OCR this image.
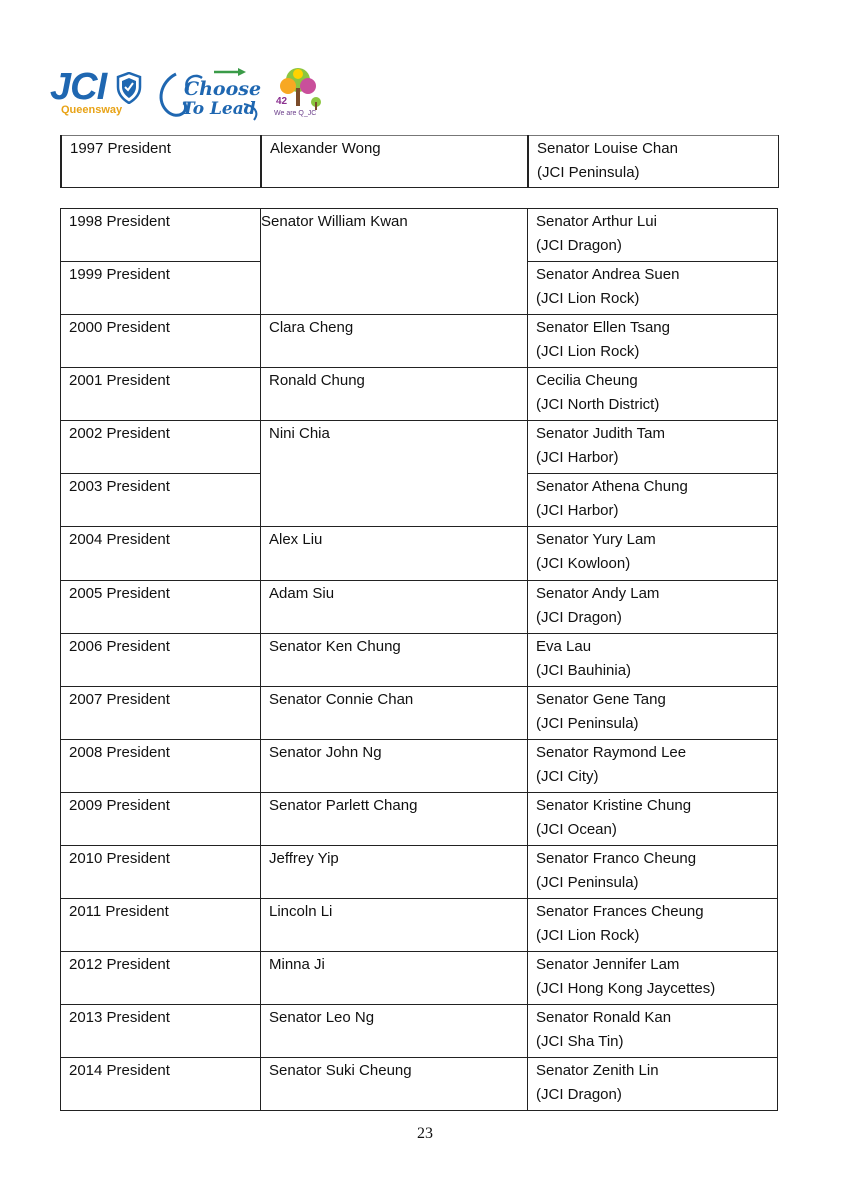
JCI
Queensway
Choose
To Lead 42
We are Q_JC
1997 President	Alexander Wong	Senator Louise Chan
(JCI Peninsula)
1998 President	Senator William Kwan	Senator Arthur Lui
(JCI Dragon)

1999 President		Senator Andrea Suen
(JCI Lion Rock)

2000 President	Clara Cheng	Senator Ellen Tsang
(JCI Lion Rock)

2001 President	Ronald Chung	Cecilia Cheung
(JCI North District)

2002 President	Nini Chia	Senator Judith Tam
(JCI Harbor)

2003 President		Senator Athena Chung
(JCI Harbor)

2004 President	Alex Liu	Senator Yury Lam
(JCI Kowloon)

2005 President	Adam Siu	Senator Andy Lam
(JCI Dragon)

2006 President	Senator Ken Chung	Eva Lau
(JCI Bauhinia)

2007 President	Senator Connie Chan	Senator Gene Tang
(JCI Peninsula)

2008 President	Senator John Ng	Senator Raymond Lee
(JCI City)

2009 President	Senator Parlett Chang	Senator Kristine Chung
(JCI Ocean)

2010 President	Jeffrey Yip	Senator Franco Cheung
(JCI Peninsula)

2011 President	Lincoln Li	Senator Frances Cheung
(JCI Lion Rock)

2012 President	Minna Ji	Senator Jennifer Lam
(JCI Hong Kong Jaycettes)

2013 President	Senator Leo Ng	Senator Ronald Kan
(JCI Sha Tin)

2014 President	Senator Suki Cheung	Senator Zenith Lin
(JCI Dragon)
23
